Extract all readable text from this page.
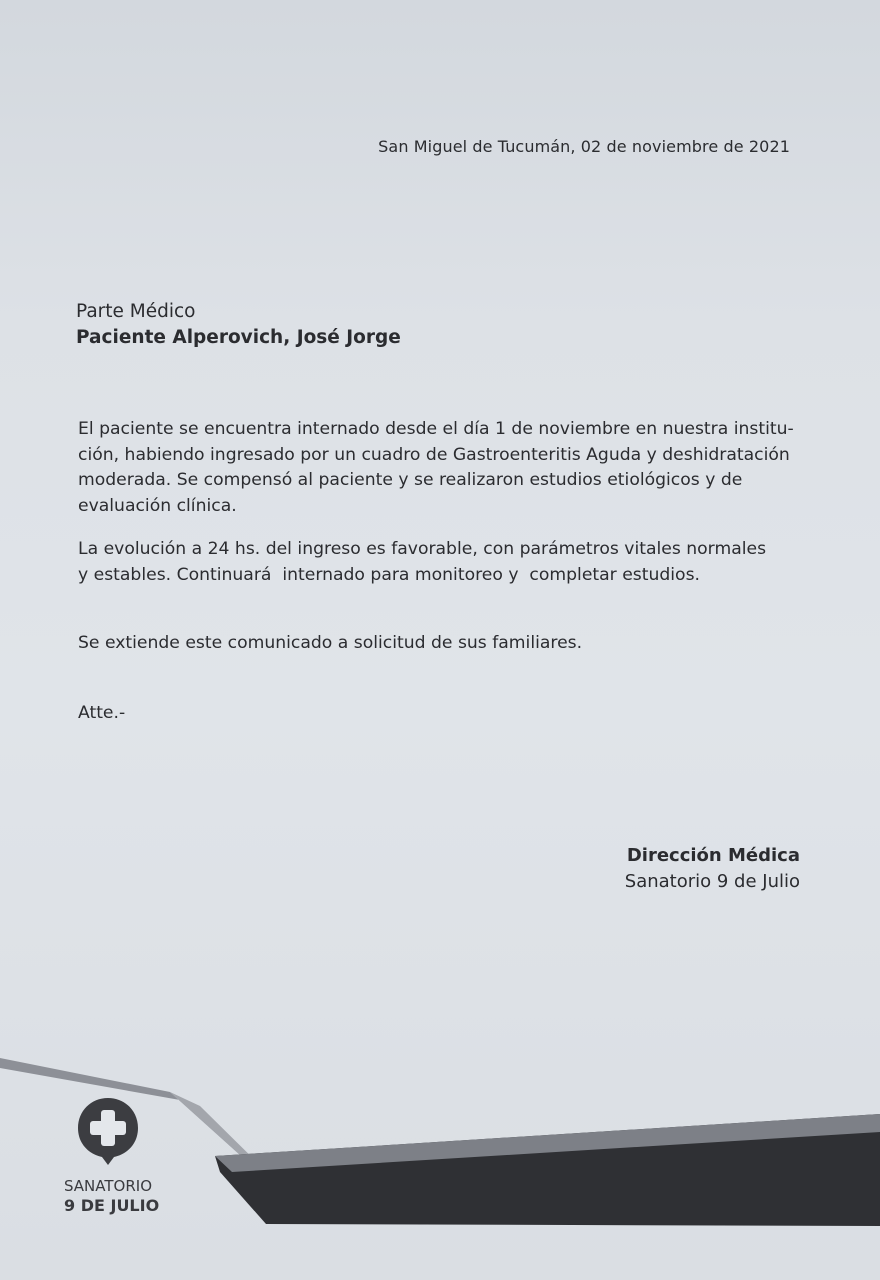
San Miguel de Tucumán, 02 de noviembre de 2021
Parte Médico
Paciente Alperovich, José Jorge
El paciente se encuentra internado desde el día 1 de noviembre en nuestra institu-
ción, habiendo ingresado por un cuadro de Gastroenteritis Aguda y deshidratación
moderada. Se compensó al paciente y se realizaron estudios etiológicos y de
evaluación clínica.
La evolución a 24 hs. del ingreso es favorable, con parámetros vitales normales
y estables. Continuará  internado para monitoreo y  completar estudios.
Se extiende este comunicado a solicitud de sus familiares.
Atte.-
Dirección Médica
Sanatorio 9 de Julio
SANATORIO
9 DE JULIO
